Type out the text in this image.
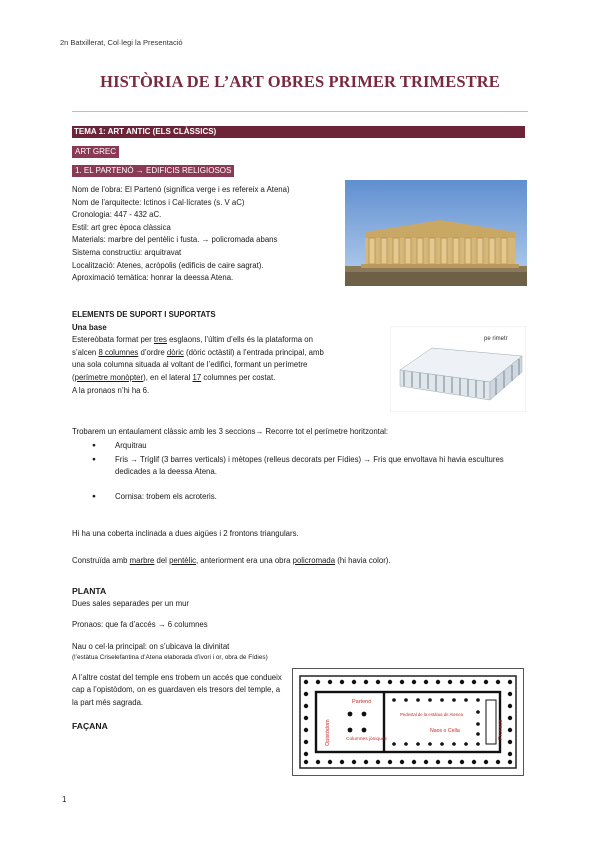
2n Batxillerat, Col·legi la Presentació
HISTÒRIA DE L’ART OBRES PRIMER TRIMESTRE
TEMA 1: ART ANTIC (ELS CLÀSSICS)
ART GREC
1. EL PARTENÓ → EDIFICIS RELIGIOSOS

Nom de l’obra: El Partenó (significa verge i es refereix a Atena)

Nom de l’arquitecte: Ictinos i Cal·lícrates (s. V aC)

Cronologia: 447 - 432 aC.

Estil: art grec època clàssica

Materials: marbre del pentèlic i fusta. → policromada abans

Sistema constructiu: arquitravat

Localització: Atenes, acròpolis (edificis de caire sagrat).

Aproximació temàtica: honrar la deessa Atena.

ELEMENTS DE SUPORT I SUPORTATS

Una base

Estereòbata format per tres esglaons, l’últim d’ells és la plataforma on

s’alcen 8 columnes d’ordre dòric (dòric octàstil) a l’entrada principal, amb

una sola columna situada al voltant de l’edifici, formant un perímetre

(perímetre monòpter), en el lateral 17 columnes per costat.

A la pronaos n’hi ha 6.

pe rimetr

Trobarem un entaulament clàssic amb les 3 seccions→ Recorre tot el perímetre horitzontal:

● Arquitrau

● Fris → Tríglif (3 barres verticals) i mètopes (relleus decorats per Fídies) → Fris que envoltava hi havia escultures dedicades a la deessa Atena.

● Cornisa: trobem els acroteris.

Hi ha una coberta inclinada a dues aigües i 2 frontons triangulars.
Construïda amb marbre del pentèlic, anteriorment era una obra policromada (hi havia color).

PLANTA

Dues sales separades per un mur

Pronaos: que fa d’accés → 6 columnes

Nau o cel·la principal: on s’ubicava la divinitat

(l’estàtua Criselefantina d’Atena elaborada d’ivori i or, obra de Fídies)

A l’altre costat del temple ens trobem un accés que condueix cap a l’opistòdom, on es guardaven els tresors del temple, a la part més sagrada.

FAÇANA	Opistòdom
Partenó
Columnes jòniques
Pedestal de la estàtua de Atenea
Naos o Cella	Pronaos
1
